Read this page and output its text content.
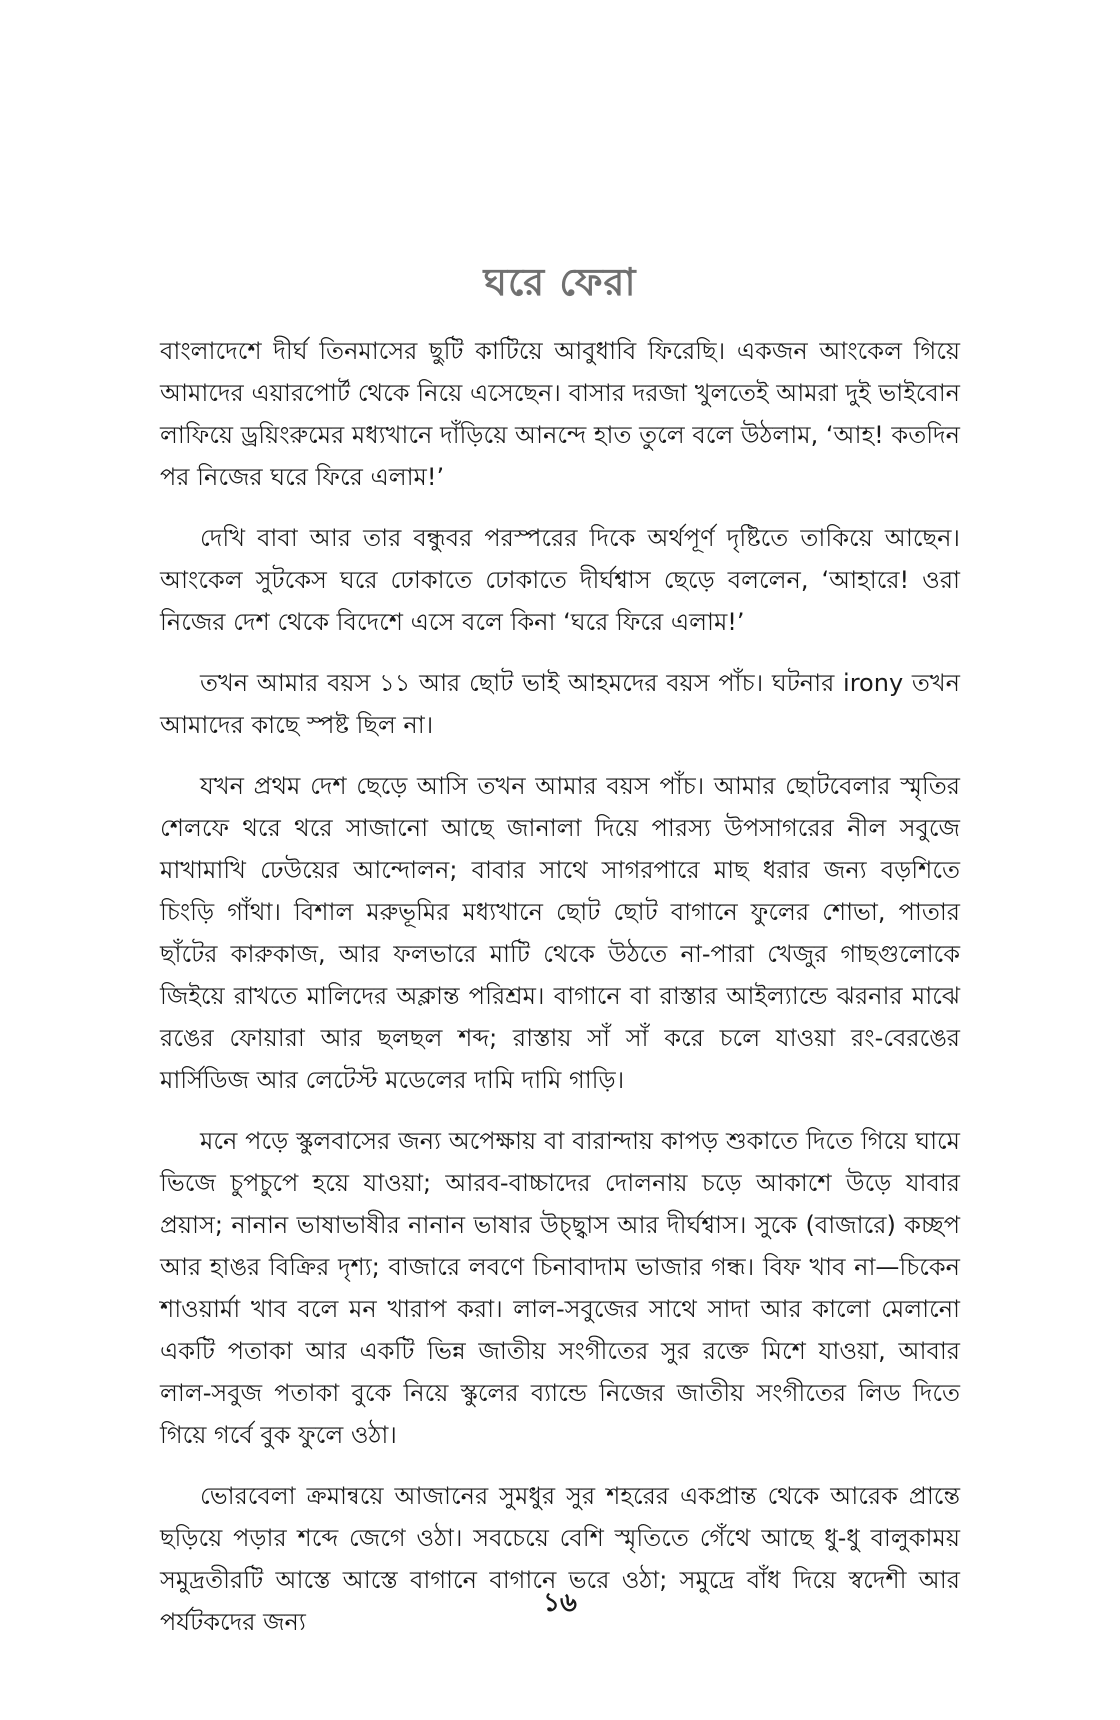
ঘরে ফেরা

বাংলাদেশে দীর্ঘ তিনমাসের ছুটি কাটিয়ে আবুধাবি ফিরেছি। একজন আংকেল গিয়ে আমাদের এয়ারপোর্ট থেকে নিয়ে এসেছেন। বাসার দরজা খুলতেই আমরা দুই ভাইবোন লাফিয়ে ড্রয়িংরুমের মধ্যখানে দাঁড়িয়ে আনন্দে হাত তুলে বলে উঠলাম, ‘আহ! কতদিন পর নিজের ঘরে ফিরে এলাম!’

দেখি বাবা আর তার বন্ধুবর পরস্পরের দিকে অর্থপূর্ণ দৃষ্টিতে তাকিয়ে আছেন। আংকেল সুটকেস ঘরে ঢোকাতে ঢোকাতে দীর্ঘশ্বাস ছেড়ে বললেন, ‘আহারে! ওরা নিজের দেশ থেকে বিদেশে এসে বলে কিনা ‘ঘরে ফিরে এলাম!’

তখন আমার বয়স ১১ আর ছোট ভাই আহমদের বয়স পাঁচ। ঘটনার irony তখন আমাদের কাছে স্পষ্ট ছিল না।

যখন প্রথম দেশ ছেড়ে আসি তখন আমার বয়স পাঁচ। আমার ছোটবেলার স্মৃতির শেলফে থরে থরে সাজানো আছে জানালা দিয়ে পারস্য উপসাগরের নীল সবুজে মাখামাখি ঢেউয়ের আন্দোলন; বাবার সাথে সাগরপারে মাছ ধরার জন্য বড়শিতে চিংড়ি গাঁথা। বিশাল মরুভূমির মধ্যখানে ছোট ছোট বাগানে ফুলের শোভা, পাতার ছাঁটের কারুকাজ, আর ফলভারে মাটি থেকে উঠতে না-পারা খেজুর গাছগুলোকে জিইয়ে রাখতে মালিদের অক্লান্ত পরিশ্রম। বাগানে বা রাস্তার আইল্যান্ডে ঝরনার মাঝে রঙের ফোয়ারা আর ছলছল শব্দ; রাস্তায় সাঁ সাঁ করে চলে যাওয়া রং-বেরঙের মার্সিডিজ আর লেটেস্ট মডেলের দামি দামি গাড়ি।

মনে পড়ে স্কুলবাসের জন্য অপেক্ষায় বা বারান্দায় কাপড় শুকাতে দিতে গিয়ে ঘামে ভিজে চুপচুপে হয়ে যাওয়া; আরব-বাচ্চাদের দোলনায় চড়ে আকাশে উড়ে যাবার প্রয়াস; নানান ভাষাভাষীর নানান ভাষার উচ্ছ্বাস আর দীর্ঘশ্বাস। সুকে (বাজারে) কচ্ছপ আর হাঙর বিক্রির দৃশ্য; বাজারে লবণে চিনাবাদাম ভাজার গন্ধ। বিফ খাব না—চিকেন শাওয়ার্মা খাব বলে মন খারাপ করা। লাল-সবুজের সাথে সাদা আর কালো মেলানো একটি পতাকা আর একটি ভিন্ন জাতীয় সংগীতের সুর রক্তে মিশে যাওয়া, আবার লাল-সবুজ পতাকা বুকে নিয়ে স্কুলের ব্যান্ডে নিজের জাতীয় সংগীতের লিড দিতে গিয়ে গর্বে বুক ফুলে ওঠা।

ভোরবেলা ক্রমান্বয়ে আজানের সুমধুর সুর শহরের একপ্রান্ত থেকে আরেক প্রান্তে ছড়িয়ে পড়ার শব্দে জেগে ওঠা। সবচেয়ে বেশি স্মৃতিতে গেঁথে আছে ধু-ধু বালুকাময় সমুদ্রতীরটি আস্তে আস্তে বাগানে বাগানে ভরে ওঠা; সমুদ্রে বাঁধ দিয়ে স্বদেশী আর পর্যটকদের জন্য

১৬
